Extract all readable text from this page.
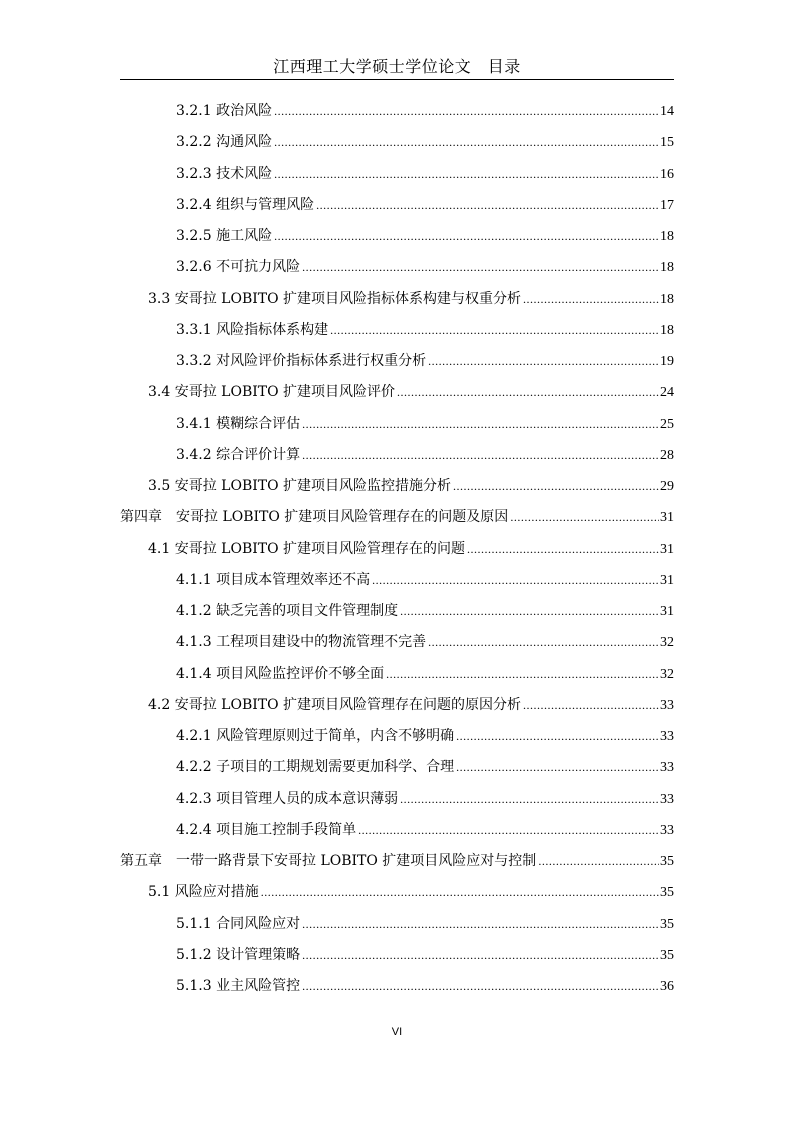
江西理工大学硕士学位论文　目录
3.2.1 政治风险 .....	14
3.2.2 沟通风险 .....	15
3.2.3 技术风险 .....	16
3.2.4 组织与管理风险 .....	17
3.2.5 施工风险 .....	18
3.2.6 不可抗力风险 .....	18
3.3 安哥拉 LOBITO 扩建项目风险指标体系构建与权重分析 .....	18
3.3.1 风险指标体系构建 .....	18
3.3.2 对风险评价指标体系进行权重分析 .....	19
3.4 安哥拉 LOBITO 扩建项目风险评价 .....	24
3.4.1 模糊综合评估 .....	25
3.4.2 综合评价计算 .....	28
3.5 安哥拉 LOBITO 扩建项目风险监控措施分析 .....	29
第四章　安哥拉 LOBITO 扩建项目风险管理存在的问题及原因 .....	31
4.1 安哥拉 LOBITO 扩建项目风险管理存在的问题 .....	31
4.1.1 项目成本管理效率还不高 .....	31
4.1.2 缺乏完善的项目文件管理制度 .....	31
4.1.3 工程项目建设中的物流管理不完善 .....	32
4.1.4 项目风险监控评价不够全面 .....	32
4.2 安哥拉 LOBITO 扩建项目风险管理存在问题的原因分析 .....	33
4.2.1 风险管理原则过于简单，内含不够明确 .....	33
4.2.2 子项目的工期规划需要更加科学、合理 .....	33
4.2.3 项目管理人员的成本意识薄弱 .....	33
4.2.4 项目施工控制手段简单 .....	33
第五章　一带一路背景下安哥拉 LOBITO 扩建项目风险应对与控制 .....	35
5.1 风险应对措施 .....	35
5.1.1 合同风险应对 .....	35
5.1.2 设计管理策略 .....	35
5.1.3 业主风险管控 .....	36
VI
